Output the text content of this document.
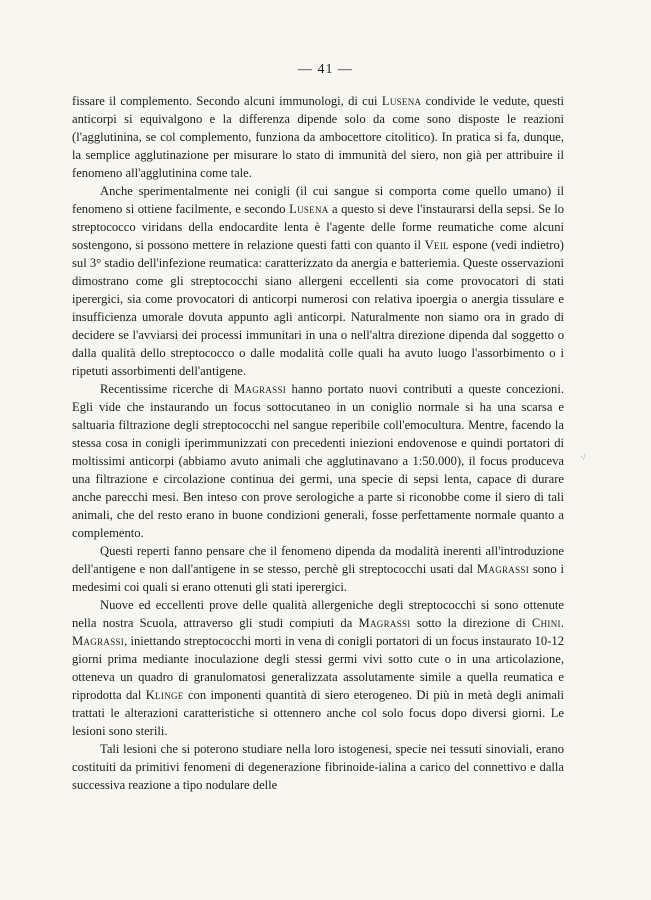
— 41 —

fissare il complemento. Secondo alcuni immunologi, di cui Lusena condivide le vedute, questi anticorpi si equivalgono e la differenza dipende solo da come sono disposte le reazioni (l'agglutinina, se col complemento, funziona da ambocettore citolitico). In pratica si fa, dunque, la semplice agglutinazione per misurare lo stato di immunità del siero, non già per attribuire il fenomeno all'agglutinina come tale.

Anche sperimentalmente nei conigli (il cui sangue si comporta come quello umano) il fenomeno si ottiene facilmente, e secondo Lusena a questo si deve l'instaurarsi della sepsi. Se lo streptococco viridans della endocardite lenta è l'agente delle forme reumatiche come alcuni sostengono, si possono mettere in relazione questi fatti con quanto il Veil espone (vedi indietro) sul 3° stadio dell'infezione reumatica: caratterizzato da anergia e batteriemia. Queste osservazioni dimostrano come gli streptococchi siano allergeni eccellenti sia come provocatori di stati iperergici, sia come provocatori di anticorpi numerosi con relativa ipoergia o anergia tissulare e insufficienza umorale dovuta appunto agli anticorpi. Naturalmente non siamo ora in grado di decidere se l'avviarsi dei processi immunitari in una o nell'altra direzione dipenda dal soggetto o dalla qualità dello streptococco o dalle modalità colle quali ha avuto luogo l'assorbimento o i ripetuti assorbimenti dell'antigene.

Recentissime ricerche di Magrassi hanno portato nuovi contributi a queste concezioni. Egli vide che instaurando un focus sottocutaneo in un coniglio normale si ha una scarsa e saltuaria filtrazione degli streptococchi nel sangue reperibile coll'emocultura. Mentre, facendo la stessa cosa in conigli iperimmunizzati con precedenti iniezioni endovenose e quindi portatori di moltissimi anticorpi (abbiamo avuto animali che agglutinavano a 1:50.000), il focus produceva una filtrazione e circolazione continua dei germi, una specie di sepsi lenta, capace di durare anche parecchi mesi. Ben inteso con prove serologiche a parte si riconobbe come il siero di tali animali, che del resto erano in buone condizioni generali, fosse perfettamente normale quanto a complemento.

Questi reperti fanno pensare che il fenomeno dipenda da modalità inerenti all'introduzione dell'antigene e non dall'antigene in se stesso, perchè gli streptococchi usati dal Magrassi sono i medesimi coi quali si erano ottenuti gli stati iperergici.

Nuove ed eccellenti prove delle qualità allergeniche degli streptococchi si sono ottenute nella nostra Scuola, attraverso gli studi compiuti da Magrassi sotto la direzione di Chini. Magrassi, iniettando streptococchi morti in vena di conigli portatori di un focus instaurato 10-12 giorni prima mediante inoculazione degli stessi germi vivi sotto cute o in una articolazione, otteneva un quadro di granulomatosi generalizzata assolutamente simile a quella reumatica e riprodotta dal Klinge con imponenti quantità di siero eterogeneo. Di più in metà degli animali trattati le alterazioni caratteristiche si ottennero anche col solo focus dopo diversi giorni. Le lesioni sono sterili.

Tali lesioni che si poterono studiare nella loro istogenesi, specie nei tessuti sinoviali, erano costituiti da primitivi fenomeni di degenerazione fibrinoide-ialina a carico del connettivo e dalla successiva reazione a tipo nodulare delle

·/
